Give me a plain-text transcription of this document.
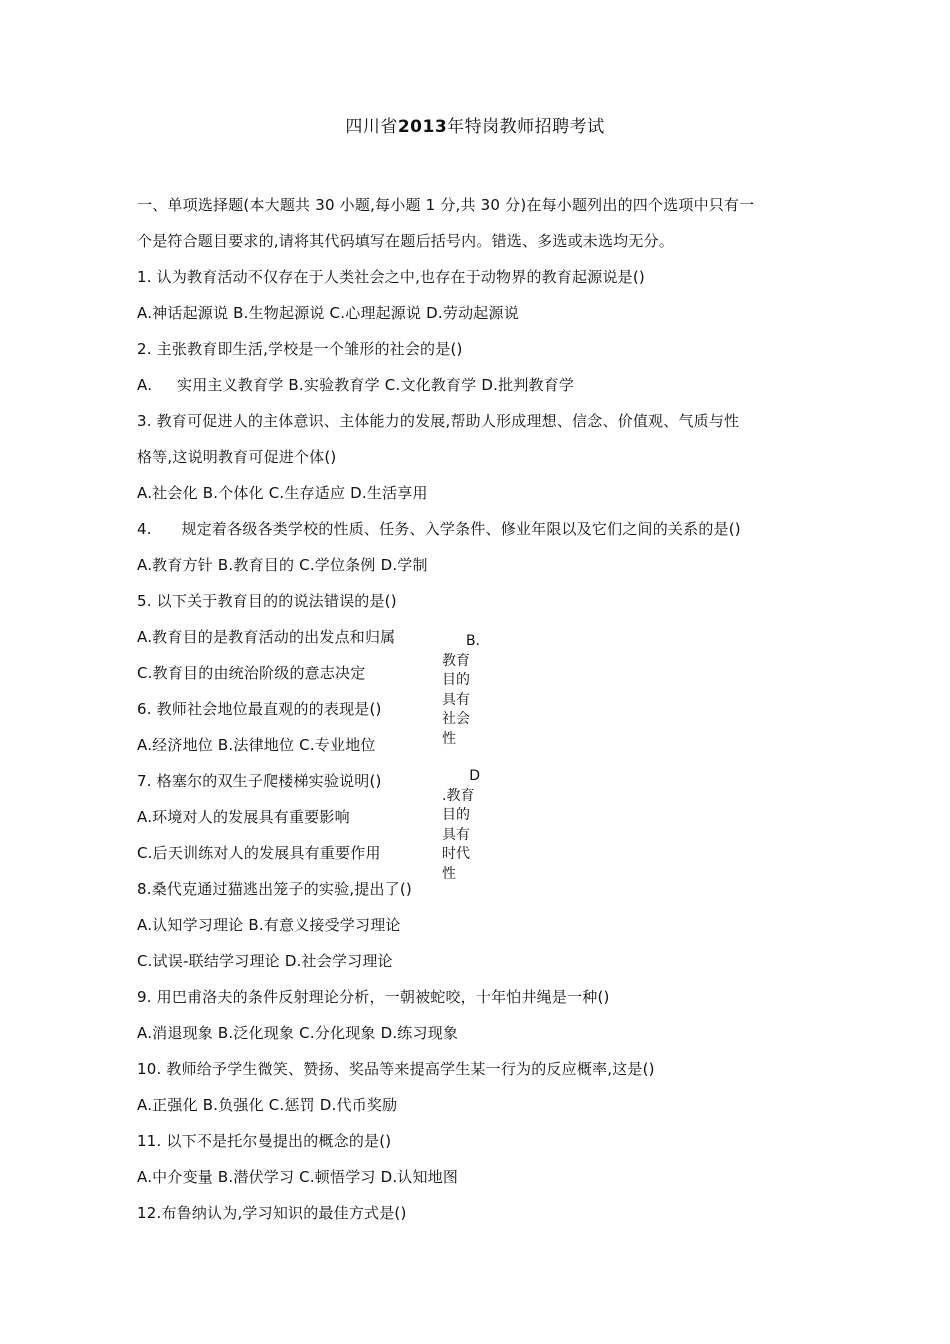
四川省2013年特岗教师招聘考试
一、单项选择题(本大题共 30 小题,每小题 1 分,共 30 分)在每小题列出的四个选项中只有一
个是符合题目要求的,请将其代码填写在题后括号内。错选、多选或未选均无分。
1. 认为教育活动不仅存在于人类社会之中,也存在于动物界的教育起源说是()
A.神话起源说 B.生物起源说 C.心理起源说 D.劳动起源说
2. 主张教育即生活,学校是一个雏形的社会的是()
A.     实用主义教育学 B.实验教育学 C.文化教育学 D.批判教育学
3. 教育可促进人的主体意识、主体能力的发展,帮助人形成理想、信念、价值观、气质与性
格等,这说明教育可促进个体()
A.社会化 B.个体化 C.生存适应 D.生活享用
4.      规定着各级各类学校的性质、任务、入学条件、修业年限以及它们之间的关系的是()
A.教育方针 B.教育目的 C.学位条例 D.学制
5. 以下关于教育目的的说法错误的是()
A.教育目的是教育活动的出发点和归属
C.教育目的由统治阶级的意志决定
6. 教师社会地位最直观的的表现是()
A.经济地位 B.法律地位 C.专业地位
7. 格塞尔的双生子爬楼梯实验说明()
A.环境对人的发展具有重要影响
C.后天训练对人的发展具有重要作用
8.桑代克通过猫逃出笼子的实验,提出了()
A.认知学习理论 B.有意义接受学习理论
C.试误-联结学习理论 D.社会学习理论
9. 用巴甫洛夫的条件反射理论分析，一朝被蛇咬，十年怕井绳是一种()
A.消退现象 B.泛化现象 C.分化现象 D.练习现象
10. 教师给予学生微笑、赞扬、奖品等来提高学生某一行为的反应概率,这是()
A.正强化 B.负强化 C.惩罚 D.代币奖励
11. 以下不是托尔曼提出的概念的是()
A.中介变量 B.潜伏学习 C.顿悟学习 D.认知地图
12.布鲁纳认为,学习知识的最佳方式是()
B.
教育目的具有社会性
D
.教育目的具有时代性
